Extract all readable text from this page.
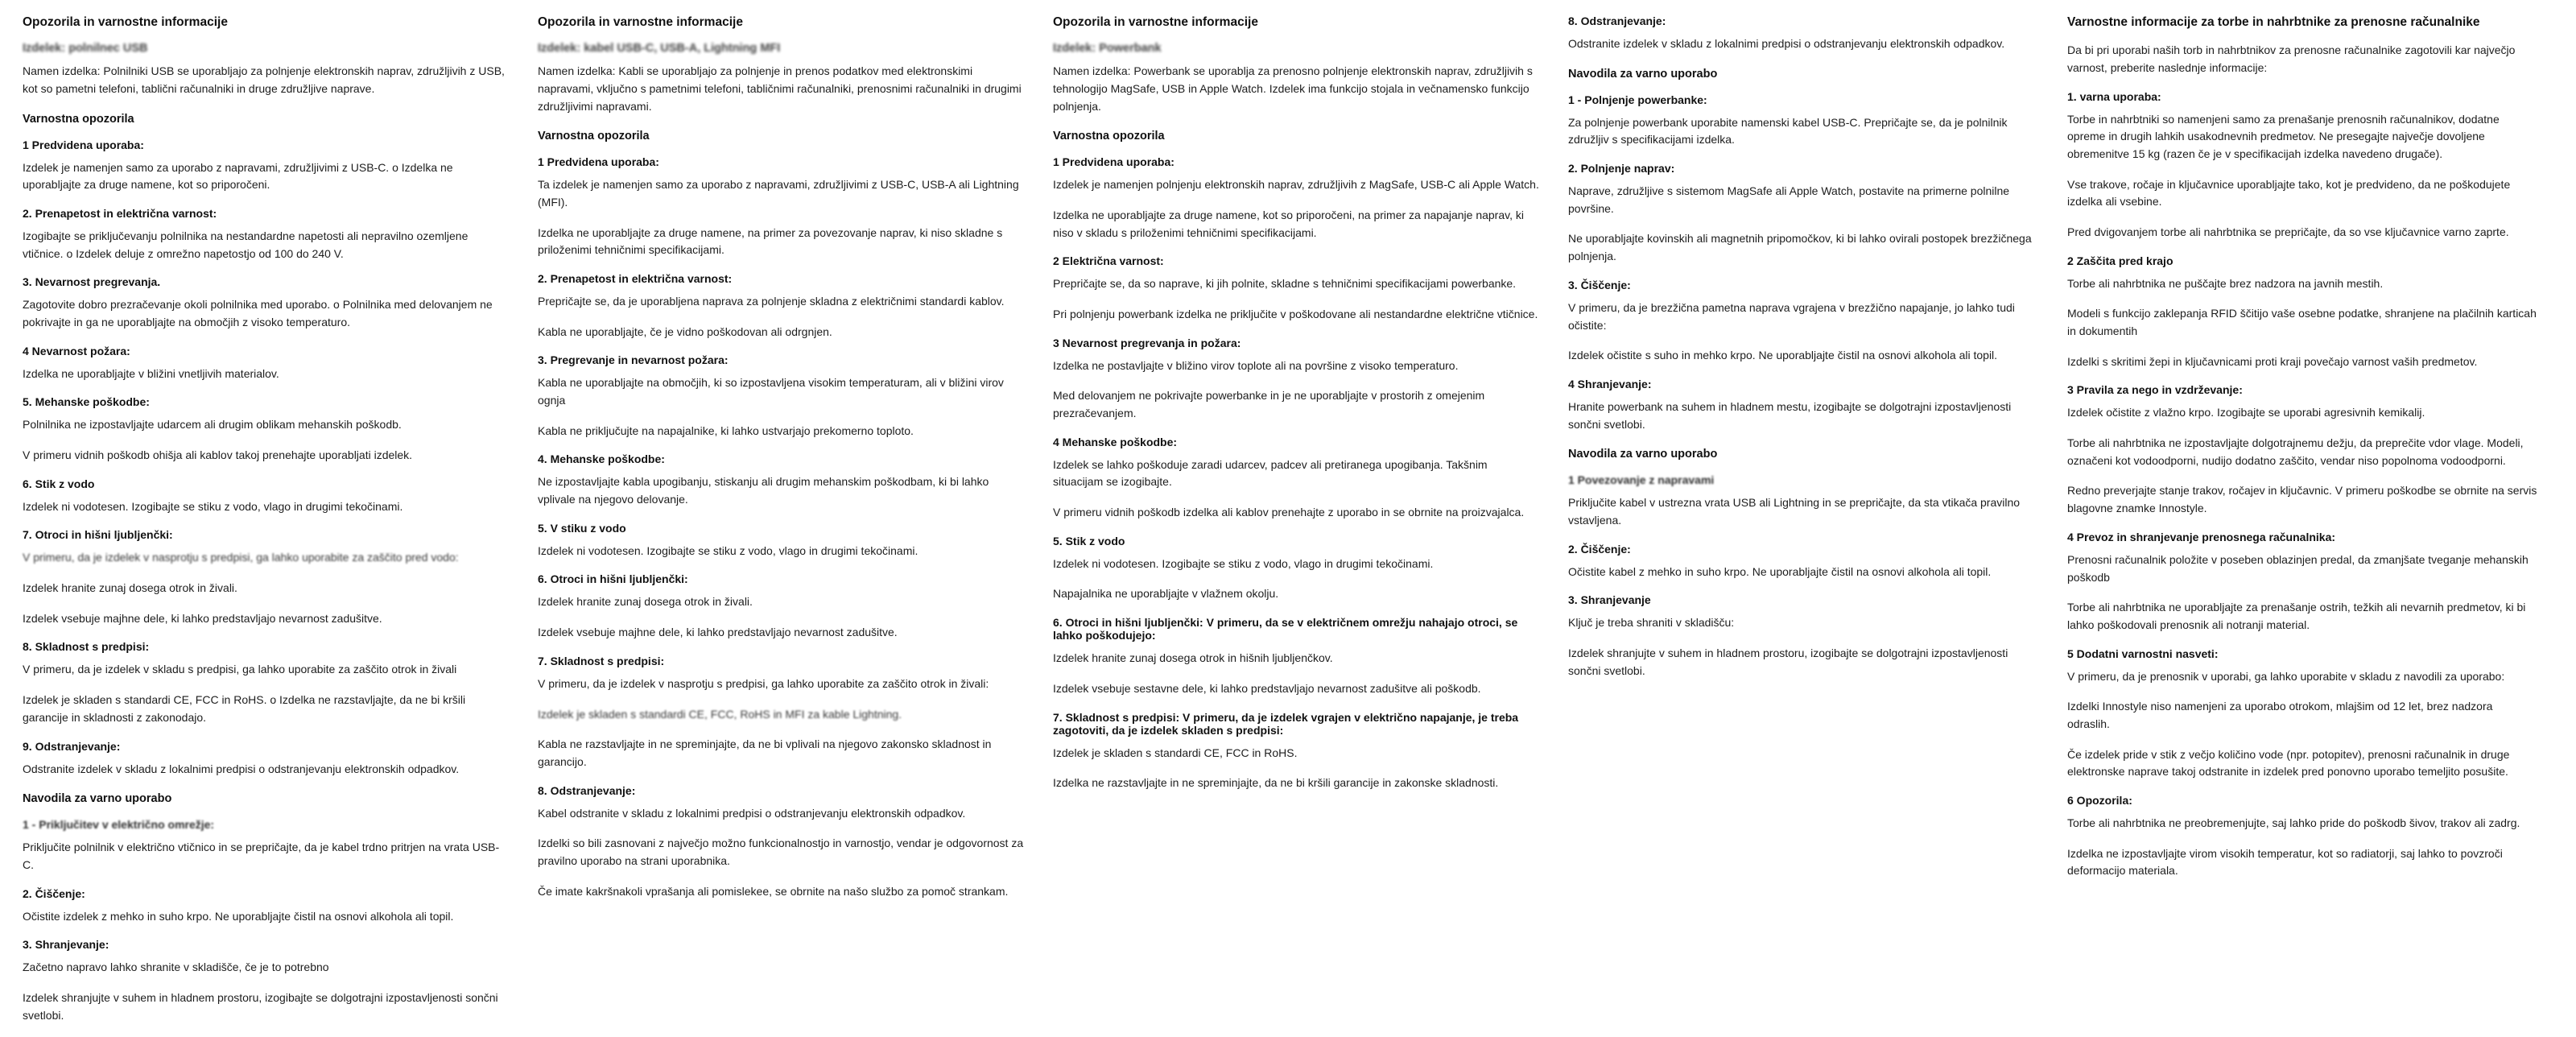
Opozorila in varnostne informacije
Izdelek: polnilnec USB

Namen izdelka: Polnilniki USB se uporabljajo za polnjenje elektronskih naprav, združljivih z USB, kot so pametni telefoni, tablični računalniki in druge združljive naprave.

Varnostna opozorila
1 Predvidena uporaba:

Izdelek je namenjen samo za uporabo z napravami, združljivimi z USB-C. o Izdelka ne uporabljajte za druge namene, kot so priporočeni.

2. Prenapetost in električna varnost:

Izogibajte se priključevanju polnilnika na nestandardne napetosti ali nepravilno ozemljene vtičnice. o Izdelek deluje z omrežno napetostjo od 100 do 240 V.

3. Nevarnost pregrevanja.

Zagotovite dobro prezračevanje okoli polnilnika med uporabo. o Polnilnika med delovanjem ne pokrivajte in ga ne uporabljajte na območjih z visoko temperaturo.

4 Nevarnost požara:

Izdelka ne uporabljajte v bližini vnetljivih materialov.

5. Mehanske poškodbe:

Polnilnika ne izpostavljajte udarcem ali drugim oblikam mehanskih poškodb.

V primeru vidnih poškodb ohišja ali kablov takoj prenehajte uporabljati izdelek.

6. Stik z vodo

Izdelek ni vodotesen. Izogibajte se stiku z vodo, vlago in drugimi tekočinami.

7. Otroci in hišni ljubljenčki:

V primeru, da je izdelek v nasprotju s predpisi, ga lahko uporabite za zaščito pred vodo:

Izdelek hranite zunaj dosega otrok in živali.

Izdelek vsebuje majhne dele, ki lahko predstavljajo nevarnost zadušitve.

8. Skladnost s predpisi:

V primeru, da je izdelek v skladu s predpisi, ga lahko uporabite za zaščito otrok in živali

Izdelek je skladen s standardi CE, FCC in RoHS. o Izdelka ne razstavljajte, da ne bi kršili garancije in skladnosti z zakonodajo.

9. Odstranjevanje:

Odstranite izdelek v skladu z lokalnimi predpisi o odstranjevanju elektronskih odpadkov.

Navodila za varno uporabo
1 - Priključitev v električno omrežje:

Priključite polnilnik v električno vtičnico in se prepričajte, da je kabel trdno pritrjen na vrata USB-C.

2. Čiščenje:

Očistite izdelek z mehko in suho krpo. Ne uporabljajte čistil na osnovi alkohola ali topil.

3. Shranjevanje:

Začetno napravo lahko shranite v skladišče, če je to potrebno

Izdelek shranjujte v suhem in hladnem prostoru, izogibajte se dolgotrajni izpostavljenosti sončni svetlobi.

Opozorila in varnostne informacije
Izdelek: kabel USB-C, USB-A, Lightning MFI

Namen izdelka: Kabli se uporabljajo za polnjenje in prenos podatkov med elektronskimi napravami, vključno s pametnimi telefoni, tabličnimi računalniki, prenosnimi računalniki in drugimi združljivimi napravami.

Varnostna opozorila
1 Predvidena uporaba:

Ta izdelek je namenjen samo za uporabo z napravami, združljivimi z USB-C, USB-A ali Lightning (MFI).

Izdelka ne uporabljajte za druge namene, na primer za povezovanje naprav, ki niso skladne s priloženimi tehničnimi specifikacijami.

2. Prenapetost in električna varnost:

Prepričajte se, da je uporabljena naprava za polnjenje skladna z električnimi standardi kablov.

Kabla ne uporabljajte, če je vidno poškodovan ali odrgnjen.

3. Pregrevanje in nevarnost požara:

Kabla ne uporabljajte na območjih, ki so izpostavljena visokim temperaturam, ali v bližini virov ognja

Kabla ne priključujte na napajalnike, ki lahko ustvarjajo prekomerno toploto.

4. Mehanske poškodbe:

Ne izpostavljajte kabla upogibanju, stiskanju ali drugim mehanskim poškodbam, ki bi lahko vplivale na njegovo delovanje.

5. V stiku z vodo

Izdelek ni vodotesen. Izogibajte se stiku z vodo, vlago in drugimi tekočinami.

6. Otroci in hišni ljubljenčki:

Izdelek hranite zunaj dosega otrok in živali.

Izdelek vsebuje majhne dele, ki lahko predstavljajo nevarnost zadušitve.

7. Skladnost s predpisi:

V primeru, da je izdelek v nasprotju s predpisi, ga lahko uporabite za zaščito otrok in živali:

Izdelek je skladen s standardi CE, FCC, RoHS in MFI za kable Lightning.

Kabla ne razstavljajte in ne spreminjajte, da ne bi vplivali na njegovo zakonsko skladnost in garancijo.

8. Odstranjevanje:

Kabel odstranite v skladu z lokalnimi predpisi o odstranjevanju elektronskih odpadkov.

Izdelki so bili zasnovani z največjo možno funkcionalnostjo in varnostjo, vendar je odgovornost za pravilno uporabo na strani uporabnika.

Če imate kakršnakoli vprašanja ali pomislekee, se obrnite na našo službo za pomoč strankam.

Opozorila in varnostne informacije
Izdelek: Powerbank

Namen izdelka: Powerbank se uporablja za prenosno polnjenje elektronskih naprav, združljivih s tehnologijo MagSafe, USB in Apple Watch. Izdelek ima funkcijo stojala in večnamensko funkcijo polnjenja.

Varnostna opozorila
1 Predvidena uporaba:

Izdelek je namenjen polnjenju elektronskih naprav, združljivih z MagSafe, USB-C ali Apple Watch.

Izdelka ne uporabljajte za druge namene, kot so priporočeni, na primer za napajanje naprav, ki niso v skladu s priloženimi tehničnimi specifikacijami.

2 Električna varnost:

Prepričajte se, da so naprave, ki jih polnite, skladne s tehničnimi specifikacijami powerbanke.

Pri polnjenju powerbank izdelka ne priključite v poškodovane ali nestandardne električne vtičnice.

3 Nevarnost pregrevanja in požara:

Izdelka ne postavljajte v bližino virov toplote ali na površine z visoko temperaturo.

Med delovanjem ne pokrivajte powerbanke in je ne uporabljajte v prostorih z omejenim prezračevanjem.

4 Mehanske poškodbe:

Izdelek se lahko poškoduje zaradi udarcev, padcev ali pretiranega upogibanja. Takšnim situacijam se izogibajte.

V primeru vidnih poškodb izdelka ali kablov prenehajte z uporabo in se obrnite na proizvajalca.

5. Stik z vodo

Izdelek ni vodotesen. Izogibajte se stiku z vodo, vlago in drugimi tekočinami.

Napajalnika ne uporabljajte v vlažnem okolju.

6. Otroci in hišni ljubljenčki: V primeru, da se v električnem omrežju nahajajo otroci, se lahko poškodujejo:

Izdelek hranite zunaj dosega otrok in hišnih ljubljenčkov.

Izdelek vsebuje sestavne dele, ki lahko predstavljajo nevarnost zadušitve ali poškodb.

7. Skladnost s predpisi: V primeru, da je izdelek vgrajen v električno napajanje, je treba zagotoviti, da je izdelek skladen s predpisi:

Izdelek je skladen s standardi CE, FCC in RoHS.

Izdelka ne razstavljajte in ne spreminjajte, da ne bi kršili garancije in zakonske skladnosti.

8. Odstranjevanje:

Odstranite izdelek v skladu z lokalnimi predpisi o odstranjevanju elektronskih odpadkov.

Navodila za varno uporabo
1 - Polnjenje powerbanke:

Za polnjenje powerbank uporabite namenski kabel USB-C. Prepričajte se, da je polnilnik združljiv s specifikacijami izdelka.

2. Polnjenje naprav:

Naprave, združljive s sistemom MagSafe ali Apple Watch, postavite na primerne polnilne površine.

Ne uporabljajte kovinskih ali magnetnih pripomočkov, ki bi lahko ovirali postopek brezžičnega polnjenja.

3. Čiščenje:

V primeru, da je brezžična pametna naprava vgrajena v brezžično napajanje, jo lahko tudi očistite:

Izdelek očistite s suho in mehko krpo. Ne uporabljajte čistil na osnovi alkohola ali topil.

4 Shranjevanje:

Hranite powerbank na suhem in hladnem mestu, izogibajte se dolgotrajni izpostavljenosti sončni svetlobi.

Navodila za varno uporabo
1 Povezovanje z napravami

Priključite kabel v ustrezna vrata USB ali Lightning in se prepričajte, da sta vtikača pravilno vstavljena.

2. Čiščenje:

Očistite kabel z mehko in suho krpo. Ne uporabljajte čistil na osnovi alkohola ali topil.

3. Shranjevanje

Ključ je treba shraniti v skladišču:

Izdelek shranjujte v suhem in hladnem prostoru, izogibajte se dolgotrajni izpostavljenosti sončni svetlobi.

Varnostne informacije za torbe in nahrbtnike za prenosne računalnike

Da bi pri uporabi naših torb in nahrbtnikov za prenosne računalnike zagotovili kar največjo varnost, preberite naslednje informacije:

1. varna uporaba:

Torbe in nahrbtniki so namenjeni samo za prenašanje prenosnih računalnikov, dodatne opreme in drugih lahkih usakodnevnih predmetov. Ne presegajte največje dovoljene obremenitve 15 kg (razen če je v specifikacijah izdelka navedeno drugače).

Vse trakove, ročaje in ključavnice uporabljajte tako, kot je predvideno, da ne poškodujete izdelka ali vsebine.

Pred dvigovanjem torbe ali nahrbtnika se prepričajte, da so vse ključavnice varno zaprte.

2 Zaščita pred krajo

Torbe ali nahrbtnika ne puščajte brez nadzora na javnih mestih.

Modeli s funkcijo zaklepanja RFID ščitijo vaše osebne podatke, shranjene na plačilnih karticah in dokumentih

Izdelki s skritimi žepi in ključavnicami proti kraji povečajo varnost vaših predmetov.

3 Pravila za nego in vzdrževanje:

Izdelek očistite z vlažno krpo. Izogibajte se uporabi agresivnih kemikalij.

Torbe ali nahrbtnika ne izpostavljajte dolgotrajnemu dežju, da preprečite vdor vlage. Modeli, označeni kot vodoodporni, nudijo dodatno zaščito, vendar niso popolnoma vodoodporni.

Redno preverjajte stanje trakov, ročajev in ključavnic. V primeru poškodbe se obrnite na servis blagovne znamke Innostyle.

4 Prevoz in shranjevanje prenosnega računalnika:

Prenosni računalnik položite v poseben oblazinjen predal, da zmanjšate tveganje mehanskih poškodb

Torbe ali nahrbtnika ne uporabljajte za prenašanje ostrih, težkih ali nevarnih predmetov, ki bi lahko poškodovali prenosnik ali notranji material.

5 Dodatni varnostni nasveti:

V primeru, da je prenosnik v uporabi, ga lahko uporabite v skladu z navodili za uporabo:

Izdelki Innostyle niso namenjeni za uporabo otrokom, mlajšim od 12 let, brez nadzora odraslih.

Če izdelek pride v stik z večjo količino vode (npr. potopitev), prenosni računalnik in druge elektronske naprave takoj odstranite in izdelek pred ponovno uporabo temeljito posušite.

6 Opozorila:

Torbe ali nahrbtnika ne preobremenjujte, saj lahko pride do poškodb šivov, trakov ali zadrg.

Izdelka ne izpostavljajte virom visokih temperatur, kot so radiatorji, saj lahko to povzroči deformacijo materiala.
